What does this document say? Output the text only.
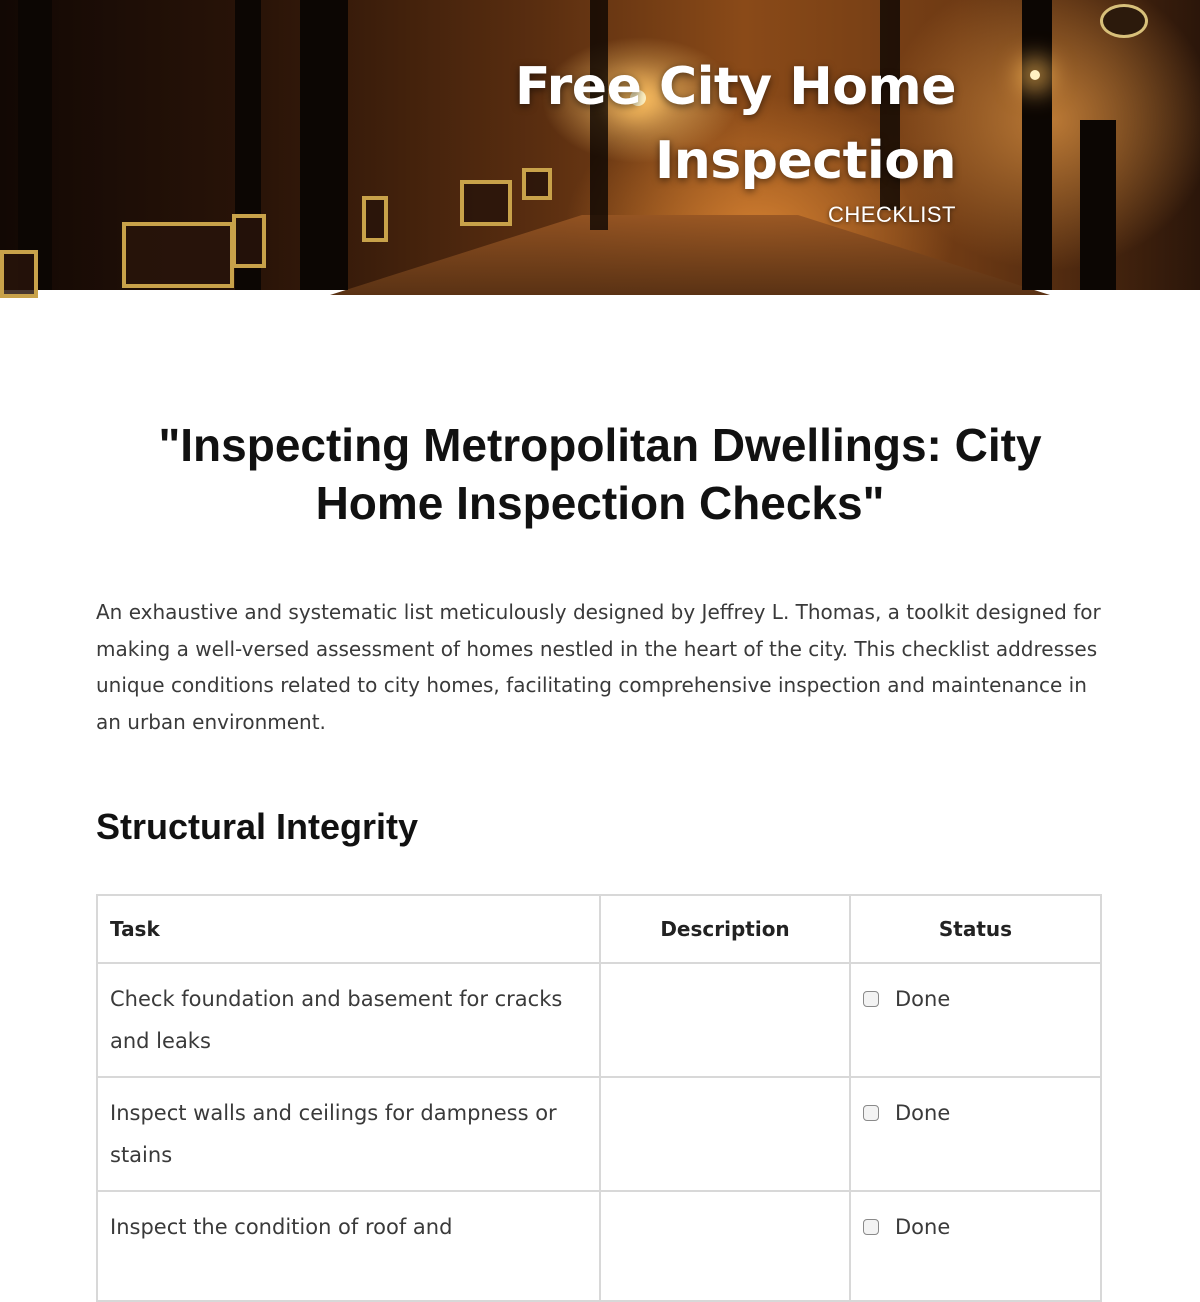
Free City Home
Inspection
CHECKLIST
"Inspecting Metropolitan Dwellings: City Home Inspection Checks"

An exhaustive and systematic list meticulously designed by Jeffrey L. Thomas, a toolkit designed for making a well-versed assessment of homes nestled in the heart of the city. This checklist addresses unique conditions related to city homes, facilitating comprehensive inspection and maintenance in an urban environment.

Structural Integrity
Task	Description	Status
Check foundation and basement for cracks and leaks		Done

Inspect walls and ceilings for dampness or stains		Done

Inspect the condition of roof and		Done
